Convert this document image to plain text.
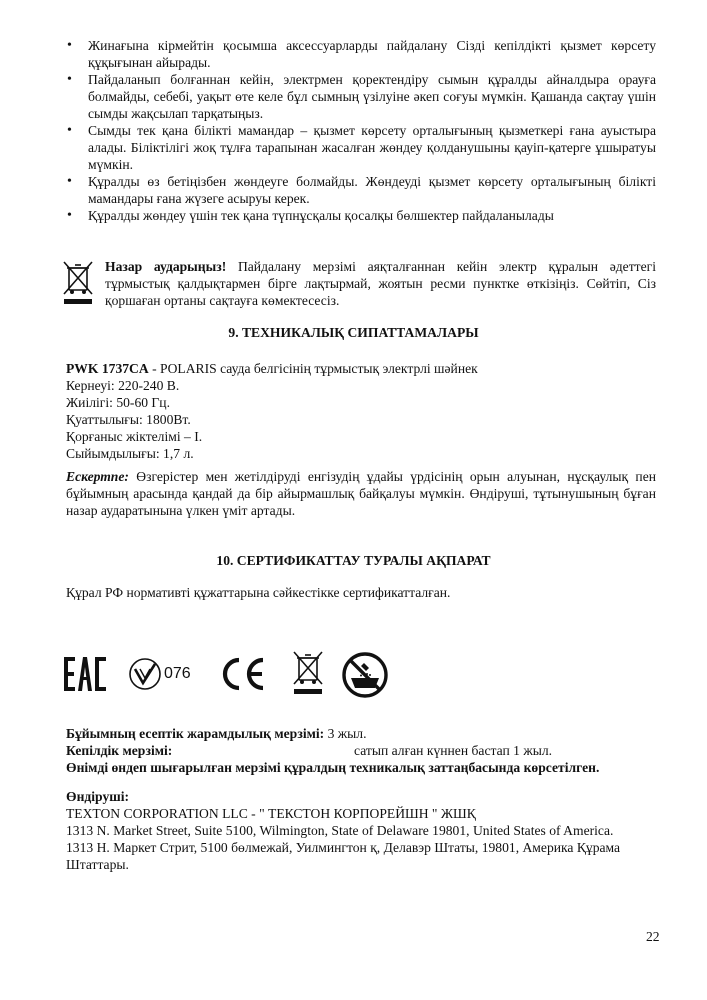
• Жинағына кірмейтін қосымша аксессуарларды пайдалану Сізді кепілдікті қызмет көрсету құқығынан айырады.
• Пайдаланып болғаннан кейін, электрмен қоректендіру сымын құралды айналдыра орауға болмайды, себебі, уақыт өте келе бұл сымның үзілуіне әкеп соғуы мүмкін. Қашанда сақтау үшін сымды жақсылап тарқатыңыз.
• Сымды тек қана білікті мамандар – қызмет көрсету орталығының қызметкері ғана ауыстыра алады. Біліктілігі жоқ тұлға тарапынан жасалған жөндеу қолданушыны қауіп-қатерге ұшыратуы мүмкін.
• Құралды өз бетіңізбен жөндеуге болмайды. Жөндеуді қызмет көрсету орталығының білікті мамандары ғана жүзеге асыруы керек.
• Құралды жөндеу үшін тек қана түпнұсқалы қосалқы бөлшектер пайдаланылады
Назар аударыңыз! Пайдалану мерзімі аяқталғаннан кейін электр құралын әдеттегі тұрмыстық қалдықтармен бірге лақтырмай, жоятын ресми пунктке өткізіңіз. Сөйтіп, Сіз қоршаған ортаны сақтауға көмектесесіз.
9. ТЕХНИКАЛЫҚ СИПАТТАМАЛАРЫ
PWK 1737CA - POLARIS сауда белгісінің тұрмыстық электрлі шәйнек
Кернеуі: 220-240 В.
Жиілігі: 50-60 Гц.
Қуаттылығы: 1800Вт.
Қорғаныс жіктелімі – I.
Сыйымдылығы: 1,7 л.
Ескертпе: Өзгерістер мен жетілдіруді енгізудің ұдайы үрдісінің орын алуынан, нұсқаулық пен бұйымның арасында қандай да бір айырмашлық байқалуы мүмкін. Өндіруші, тұтынушының бұған назар аударатынына үлкен үміт артады.
10. СЕРТИФИКАТТАУ ТУРАЛЫ АҚПАРАТ
Құрал РФ нормативті құжаттарына сәйкестікке сертификатталған.
076
Бұйымның есептік жарамдылық мерзімі: 3 жыл.
Кепілдік мерзімі:	сатып алған күннен бастап 1 жыл.
Өнімді өндеп шығарылған мерзімі құралдың техникалық заттаңбасында көрсетілген.
Өндіруші:
TEXTON CORPORATION LLC - " ТЕКСТОН КОРПОРЕЙШН " ЖШҚ
1313 N. Market Street, Suite 5100, Wilmington, State of Delaware 19801, United States of America.
1313 Н. Маркет Стрит, 5100 бөлмежай, Уилмингтон қ, Делавэр Штаты, 19801, Америка Құрама
Штаттары.
22
